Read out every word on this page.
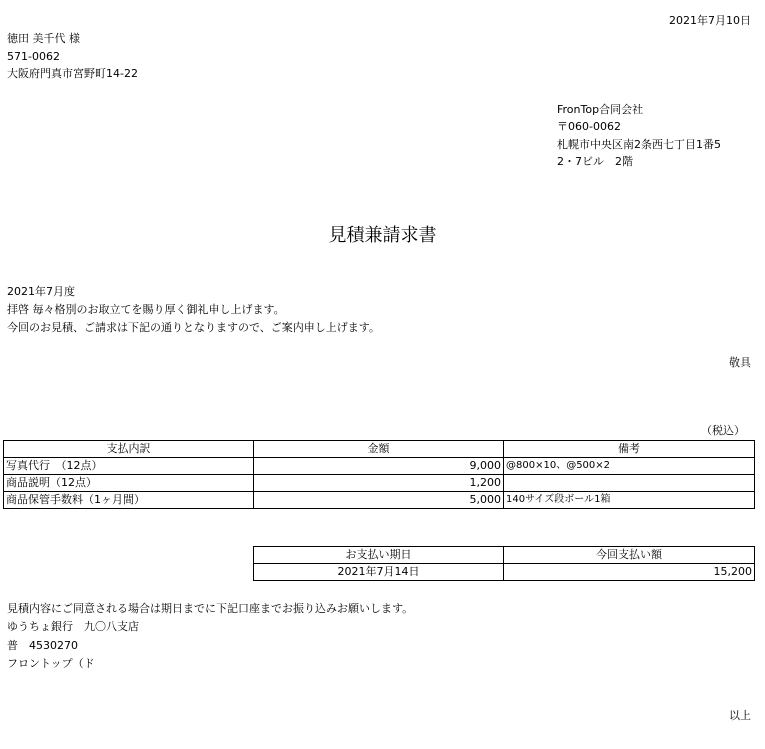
2021年7月10日
徳田 美千代 様
571-0062
大阪府門真市宮野町14-22
FronTop合同会社
〒060-0062
札幌市中央区南2条西七丁目1番5
2・7ビル　2階
見積兼請求書
2021年7月度
拝啓 毎々格別のお取立てを賜り厚く御礼申し上げます。
今回のお見積、ご請求は下記の通りとなりますので、ご案内申し上げます。
敬具
（税込）
支払内訳	金額	備考
写真代行　（12点）	9,000	@800×10、@500×2
商品説明（12点）	1,200	
商品保管手数料（1ヶ月間）	5,000	140サイズ段ボール1箱
お支払い期日	今回支払い額
2021年7月14日	15,200
見積内容にご同意される場合は期日までに下記口座までお振り込みお願いします。
ゆうちょ銀行　九〇八支店
普　4530270
フロントップ（ド
以上
